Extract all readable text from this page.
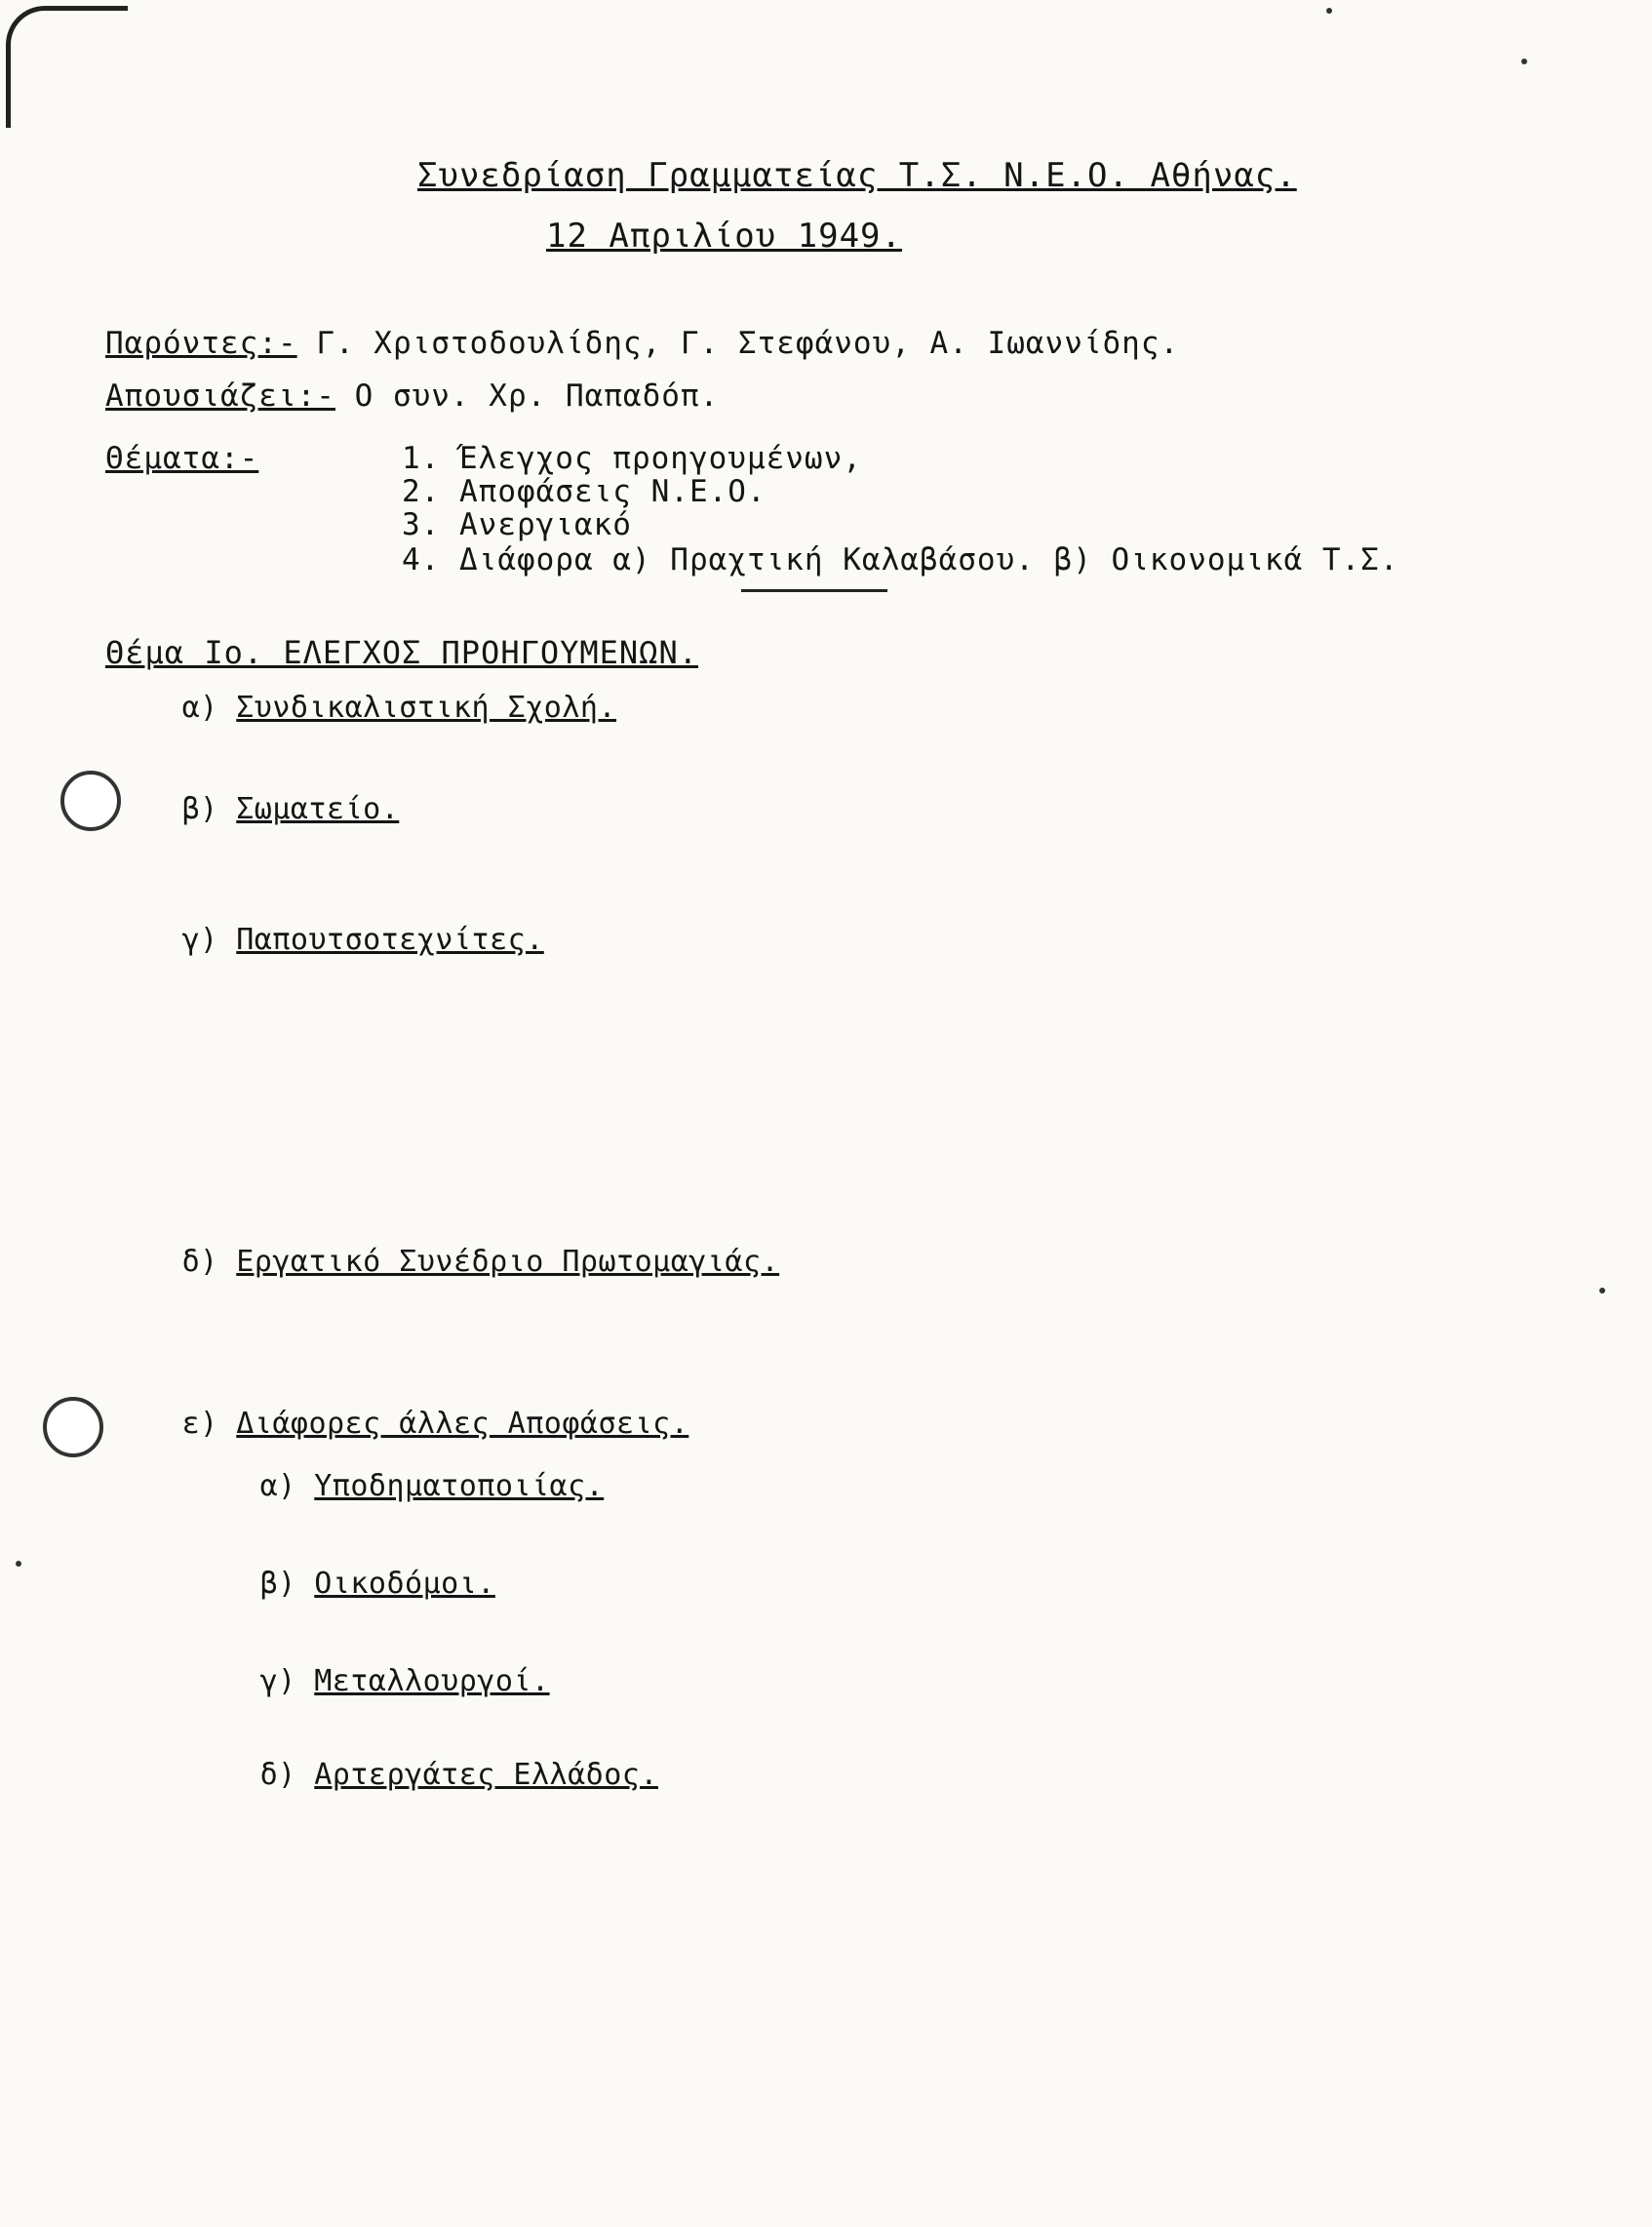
Συνεδρίαση Γραμματείας Τ.Σ. Ν.Ε.Ο. Αθήνας.
12 Απριλίου 1949.
Παρόντες:- Γ. Χριστοδουλίδης, Γ. Στεφάνου, Α. Ιωαννίδης.
Απουσιάζει:- Ο συν. Χρ. Παπαδόπ.
Θέματα:-	1. Έλεγχος προηγουμένων,
2. Αποφάσεις Ν.Ε.Ο.
3. Ανεργιακό
4. Διάφορα α) Πραχτική Καλαβάσου. β) Οικονομικά Τ.Σ.
Θέμα Ιο. ΕΛΕΓΧΟΣ ΠΡΟΗΓΟΥΜΕΝΩΝ.
α) Συνδικαλιστική Σχολή.
β) Σωματείο.
γ) Παπουτσοτεχνίτες.
δ) Εργατικό Συνέδριο Πρωτομαγιάς.
ε) Διάφορες άλλες Αποφάσεις.
α) Υποδηματοποιίας.
β) Οικοδόμοι.
γ) Μεταλλουργοί.
δ) Αρτεργάτες Ελλάδος.
